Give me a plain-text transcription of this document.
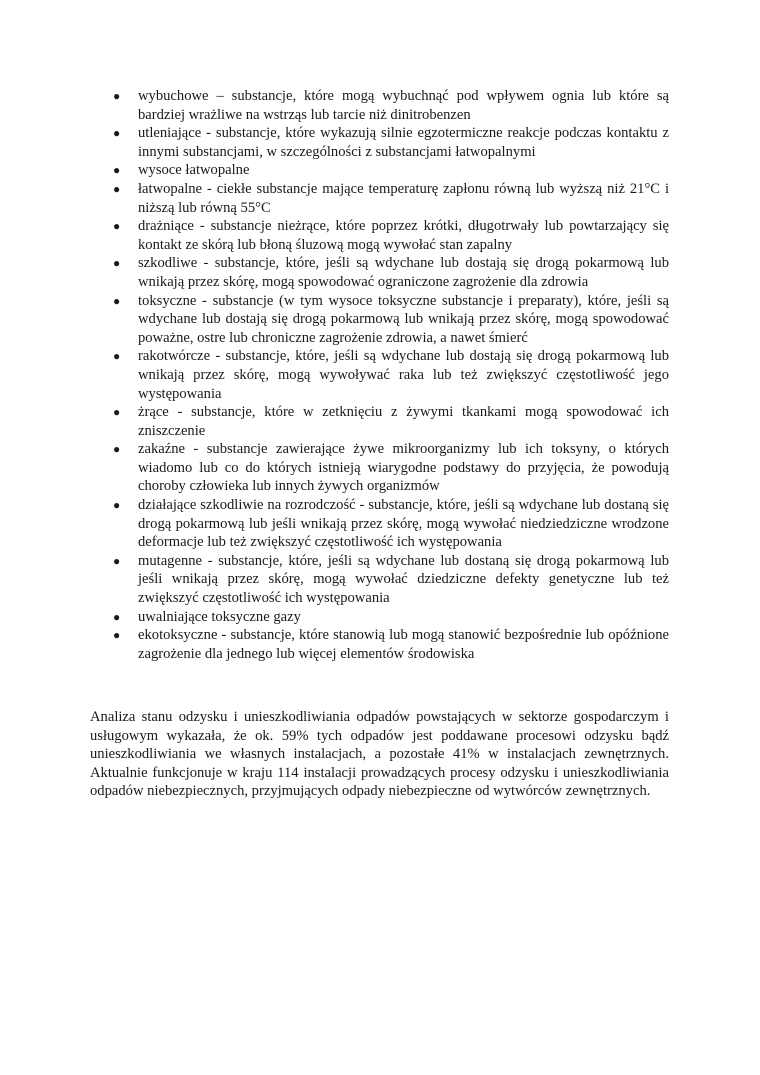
● wybuchowe – substancje, które mogą wybuchnąć pod wpływem ognia lub które są bardziej wrażliwe na wstrząs lub tarcie niż dinitrobenzen
● utleniające - substancje, które wykazują silnie egzotermiczne reakcje podczas kontaktu z innymi substancjami, w szczególności z substancjami łatwopalnymi
● wysoce łatwopalne
● łatwopalne - ciekłe substancje mające temperaturę zapłonu równą lub wyższą niż 21°C i niższą lub równą 55°C
● drażniące - substancje nieżrące, które poprzez krótki, długotrwały lub powtarzający się kontakt ze skórą lub błoną śluzową mogą wywołać stan zapalny
● szkodliwe - substancje, które, jeśli są wdychane lub dostają się drogą pokarmową lub wnikają przez skórę, mogą spowodować ograniczone zagrożenie dla zdrowia
● toksyczne - substancje (w tym wysoce toksyczne substancje i preparaty), które, jeśli są wdychane lub dostają się drogą pokarmową lub wnikają przez skórę, mogą spowodować poważne, ostre lub chroniczne zagrożenie zdrowia, a nawet śmierć
● rakotwórcze - substancje, które, jeśli są wdychane lub dostają się drogą pokarmową lub wnikają przez skórę, mogą wywoływać raka lub też zwiększyć częstotliwość jego występowania
● żrące - substancje, które w zetknięciu z żywymi tkankami mogą spowodować ich zniszczenie
● zakaźne - substancje zawierające żywe mikroorganizmy lub ich toksyny, o których wiadomo lub co do których istnieją wiarygodne podstawy do przyjęcia, że powodują choroby człowieka lub innych żywych organizmów
● działające szkodliwie na rozrodczość - substancje, które, jeśli są wdychane lub dostaną się drogą pokarmową lub jeśli wnikają przez skórę, mogą wywołać niedziedziczne wrodzone deformacje lub też zwiększyć częstotliwość ich występowania
● mutagenne - substancje, które, jeśli są wdychane lub dostaną się drogą pokarmową lub jeśli wnikają przez skórę, mogą wywołać dziedziczne defekty genetyczne lub też zwiększyć częstotliwość ich występowania
● uwalniające toksyczne gazy
● ekotoksyczne - substancje, które stanowią lub mogą stanowić bezpośrednie lub opóźnione zagrożenie dla jednego lub więcej elementów środowiska

Analiza stanu odzysku i unieszkodliwiania odpadów powstających w sektorze gospodarczym i usługowym wykazała, że ok. 59% tych odpadów jest poddawane procesowi odzysku bądź unieszkodliwiania we własnych instalacjach, a pozostałe 41% w instalacjach zewnętrznych. Aktualnie funkcjonuje w kraju 114 instalacji prowadzących procesy odzysku i unieszkodliwiania odpadów niebezpiecznych, przyjmujących odpady niebezpieczne od wytwórców zewnętrznych.
